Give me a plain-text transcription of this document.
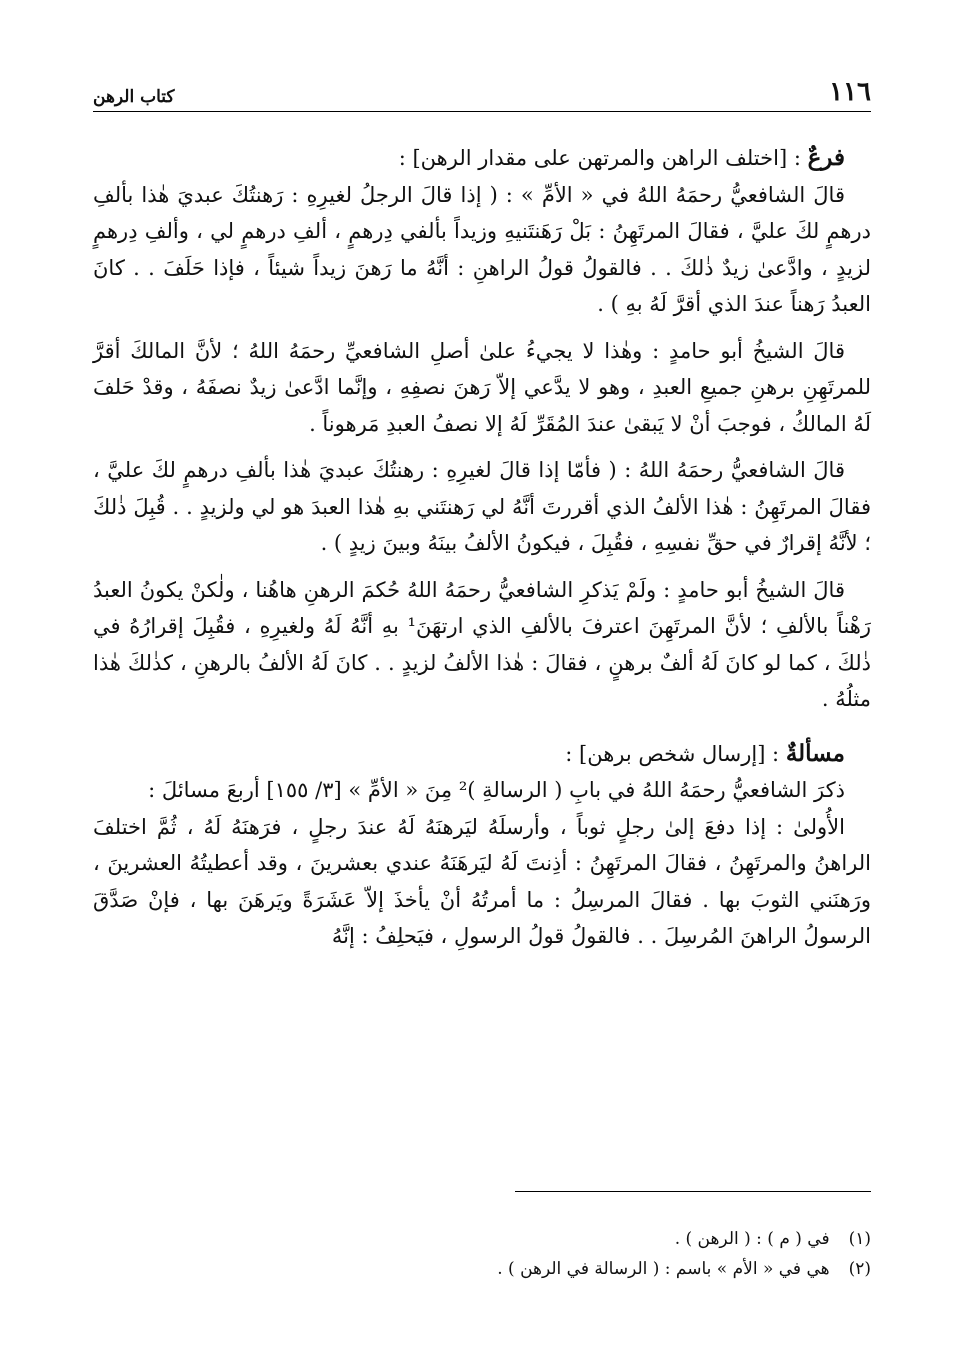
١١٦
كتاب الرهن

فرعٌ : [اختلف الراهن والمرتهن على مقدار الرهن] :

قالَ الشافعيُّ رحمَهُ اللهُ في « الأمِّ » : ( إذا قالَ الرجلُ لغيرِهِ : رَهنتُكَ عبديَ هٰذا بألفِ درهمٍ لكَ عليَّ ، فقالَ المرتَهِنُ : بَلْ رَهَنتَنيهِ وزيداً بألفي دِرهمٍ ، ألفِ درهمٍ لي ، وألفِ دِرهمٍ لزيدٍ ، وادَّعىٰ زيدٌ ذٰلكَ . . فالقولُ قولُ الراهنِ : أنَّهُ ما رَهنَ زيداً شيئاً ، فإذا حَلَفَ . . كانَ العبدُ رَهناً عندَ الذي أقرَّ لَهُ بهِ ) .

قالَ الشيخُ أبو حامدٍ : وهٰذا لا يجيءُ علىٰ أصلِ الشافعيِّ رحمَهُ اللهُ ؛ لأنَّ المالكَ أقرَّ للمرتَهِنِ برهنِ جميعِ العبدِ ، وهو لا يدَّعي إلاّ رَهنَ نصفِهِ ، وإنَّما ادَّعىٰ زيدٌ نصفَهُ ، وقدْ حَلفَ لَهُ المالكُ ، فوجبَ أنْ لا يَبقىٰ عندَ المُقَرِّ لَهُ إلا نصفُ العبدِ مَرهوناً .

قالَ الشافعيُّ رحمَهُ اللهُ : ( فأمّا إذا قالَ لغيرِهِ : رهنتُكَ عبديَ هٰذا بألفِ درهمٍ لكَ عليَّ ، فقالَ المرتَهِنُ : هٰذا الألفُ الذي أقررتَ أنَّهُ لي رَهنتَني بهِ هٰذا العبدَ هو لي ولزيدٍ . . قُبِلَ ذٰلكَ ؛ لأنَّهُ إقرارٌ في حقِّ نفسِهِ ، فقُبِلَ ، فيكونُ الألفُ بينَهُ وبينَ زيدٍ ) .

قالَ الشيخُ أبو حامدٍ : ولَمْ يَذكرِ الشافعيُّ رحمَهُ اللهُ حُكمَ الرهنِ هاهُنا ، ولٰكنْ يكونُ العبدُ رَهْناً بالألفِ ؛ لأنَّ المرتَهِنَ اعترفَ بالألفِ الذي ارتهَنَ¹ بهِ أنَّهُ لَهُ ولغيرِهِ ، فقُبِلَ إقرارُهُ في ذٰلكَ ، كما لو كانَ لَهُ ألفٌ برهنٍ ، فقالَ : هٰذا الألفُ لزيدٍ . . كانَ لَهُ الألفُ بالرهنِ ، كذٰلكَ هٰذا مثلُهُ .

مسألةٌ : [إرسال شخص برهن] :

ذكرَ الشافعيُّ رحمَهُ اللهُ في بابِ ( الرسالةِ )² مِنَ « الأمِّ » [٣/ ١٥٥] أربعَ مسائلَ :

الأُولىٰ : إذا دفعَ إلىٰ رجلٍ ثوباً ، وأرسلَهُ ليَرهنَهُ لَهُ عندَ رجلٍ ، فرَهنَهُ لَهُ ، ثُمَّ اختلفَ الراهنُ والمرتَهِنُ ، فقالَ المرتَهِنُ : أذِنتَ لَهُ ليَرهَنَهُ عندي بعشرينَ ، وقد أعطيتُهُ العشرينَ ، ورَهنَني الثوبَ بها . فقالَ المرسِلُ : ما أمرتُهُ أنْ يأخذَ إلاّ عَشَرَةً ويَرهَنَ بها ، فإنْ صَدَّقَ الرسولُ الراهنَ المُرسِلَ . . فالقولُ قولُ الرسولِ ، فيَحلِفُ : إنَّهُ

(١) في ( م ) : ( الرهن ) .

(٢) هي في « الأم » باسم : ( الرسالة في الرهن ) .
